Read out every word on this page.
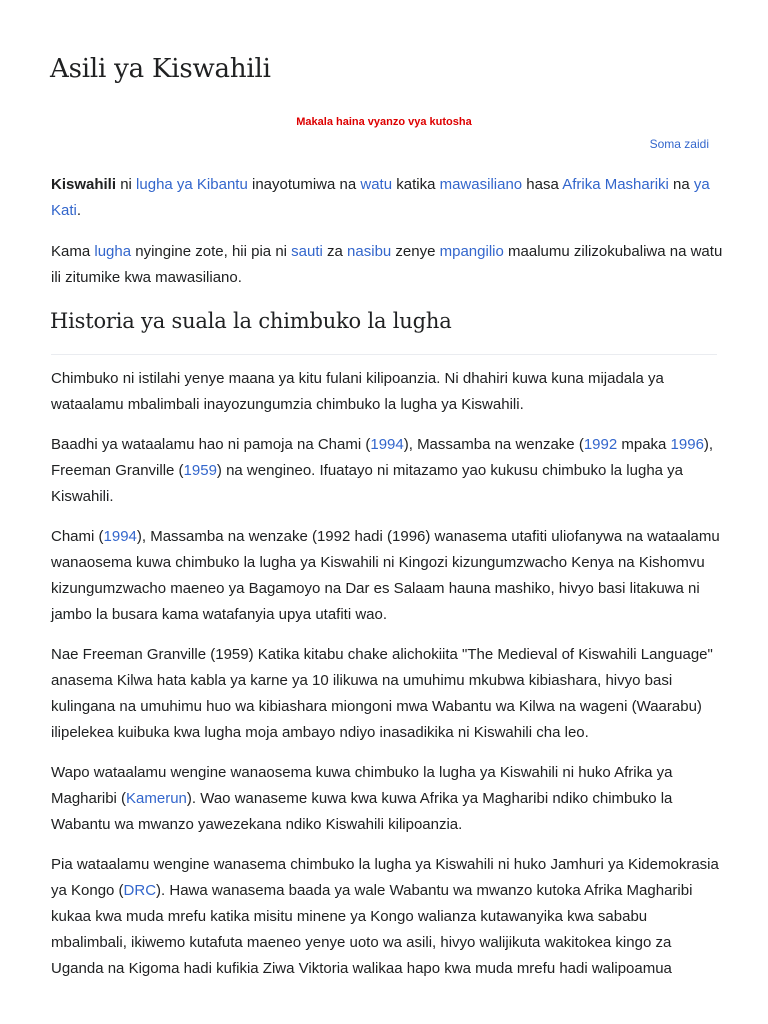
Asili ya Kiswahili

Makala haina vyanzo vya kutosha

Soma zaidi

Kiswahili ni lugha ya Kibantu inayotumiwa na watu katika mawasiliano hasa Afrika Mashariki na ya Kati.

Kama lugha nyingine zote, hii pia ni sauti za nasibu zenye mpangilio maalumu zilizokubaliwa na watu ili zitumike kwa mawasiliano.

Historia ya suala la chimbuko la lugha

Chimbuko ni istilahi yenye maana ya kitu fulani kilipoanzia. Ni dhahiri kuwa kuna mijadala ya wataalamu mbalimbali inayozungumzia chimbuko la lugha ya Kiswahili.

Baadhi ya wataalamu hao ni pamoja na Chami (1994), Massamba na wenzake (1992 mpaka 1996), Freeman Granville (1959) na wengineo. Ifuatayo ni mitazamo yao kukusu chimbuko la lugha ya Kiswahili.

Chami (1994), Massamba na wenzake (1992 hadi (1996) wanasema utafiti uliofanywa na wataalamu wanaosema kuwa chimbuko la lugha ya Kiswahili ni Kingozi kizungumzwacho Kenya na Kishomvu kizungumzwacho maeneo ya Bagamoyo na Dar es Salaam hauna mashiko, hivyo basi litakuwa ni jambo la busara kama watafanyia upya utafiti wao.

Nae Freeman Granville (1959) Katika kitabu chake alichokiita "The Medieval of Kiswahili Language" anasema Kilwa hata kabla ya karne ya 10 ilikuwa na umuhimu mkubwa kibiashara, hivyo basi kulingana na umuhimu huo wa kibiashara miongoni mwa Wabantu wa Kilwa na wageni (Waarabu) ilipelekea kuibuka kwa lugha moja ambayo ndiyo inasadikika ni Kiswahili cha leo.

Wapo wataalamu wengine wanaosema kuwa chimbuko la lugha ya Kiswahili ni huko Afrika ya Magharibi (Kamerun). Wao wanaseme kuwa kwa kuwa Afrika ya Magharibi ndiko chimbuko la Wabantu wa mwanzo yawezekana ndiko Kiswahili kilipoanzia.

Pia wataalamu wengine wanasema chimbuko la lugha ya Kiswahili ni huko Jamhuri ya Kidemokrasia ya Kongo (DRC). Hawa wanasema baada ya wale Wabantu wa mwanzo kutoka Afrika Magharibi kukaa kwa muda mrefu katika misitu minene ya Kongo walianza kutawanyika kwa sababu mbalimbali, ikiwemo kutafuta maeneo yenye uoto wa asili, hivyo walijikuta wakitokea kingo za Uganda na Kigoma hadi kufikia Ziwa Viktoria walikaa hapo kwa muda mrefu hadi walipoamua
